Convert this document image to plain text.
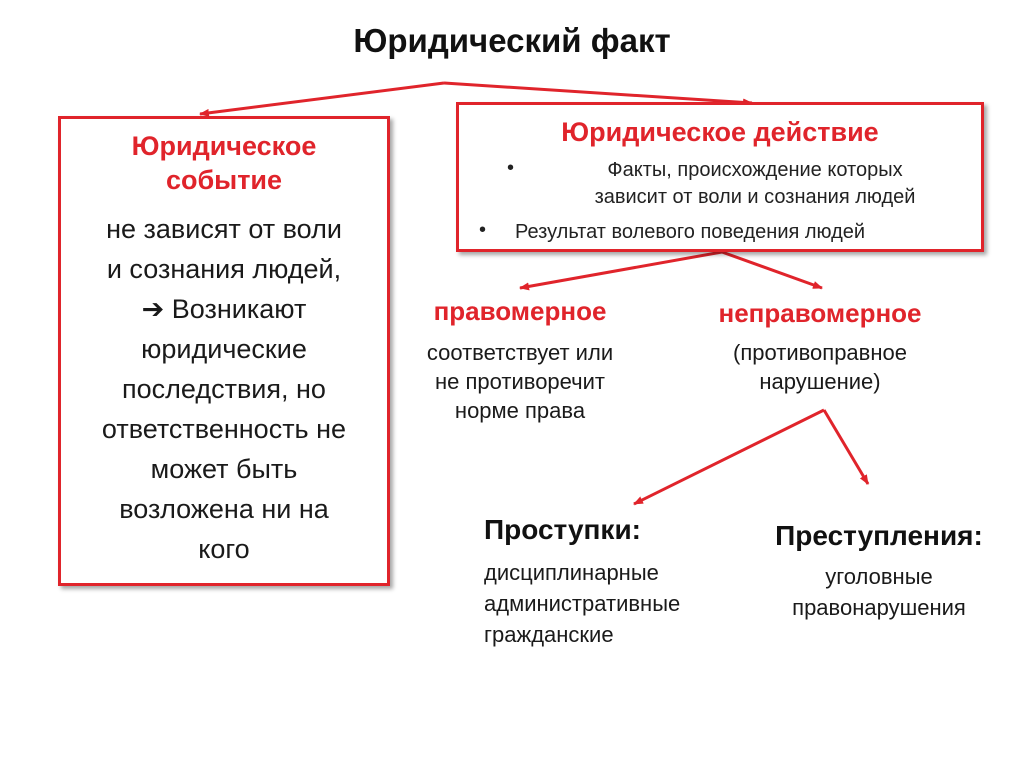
Юридический факт
Юридическое
событие
не зависят от воли
и сознания людей,
➔ Возникают
юридические
последствия, но
ответственность не
может быть
возложена ни на
кого
Юридическое действие
•	Факты, происхождение которых
зависит от воли и сознания людей
• Результат волевого поведения людей
правомерное
соответствует или
не противоречит
норме права
неправомерное
(противоправное
нарушение)
Проступки:
дисциплинарные
административные
гражданские
Преступления:
уголовные
правонарушения
